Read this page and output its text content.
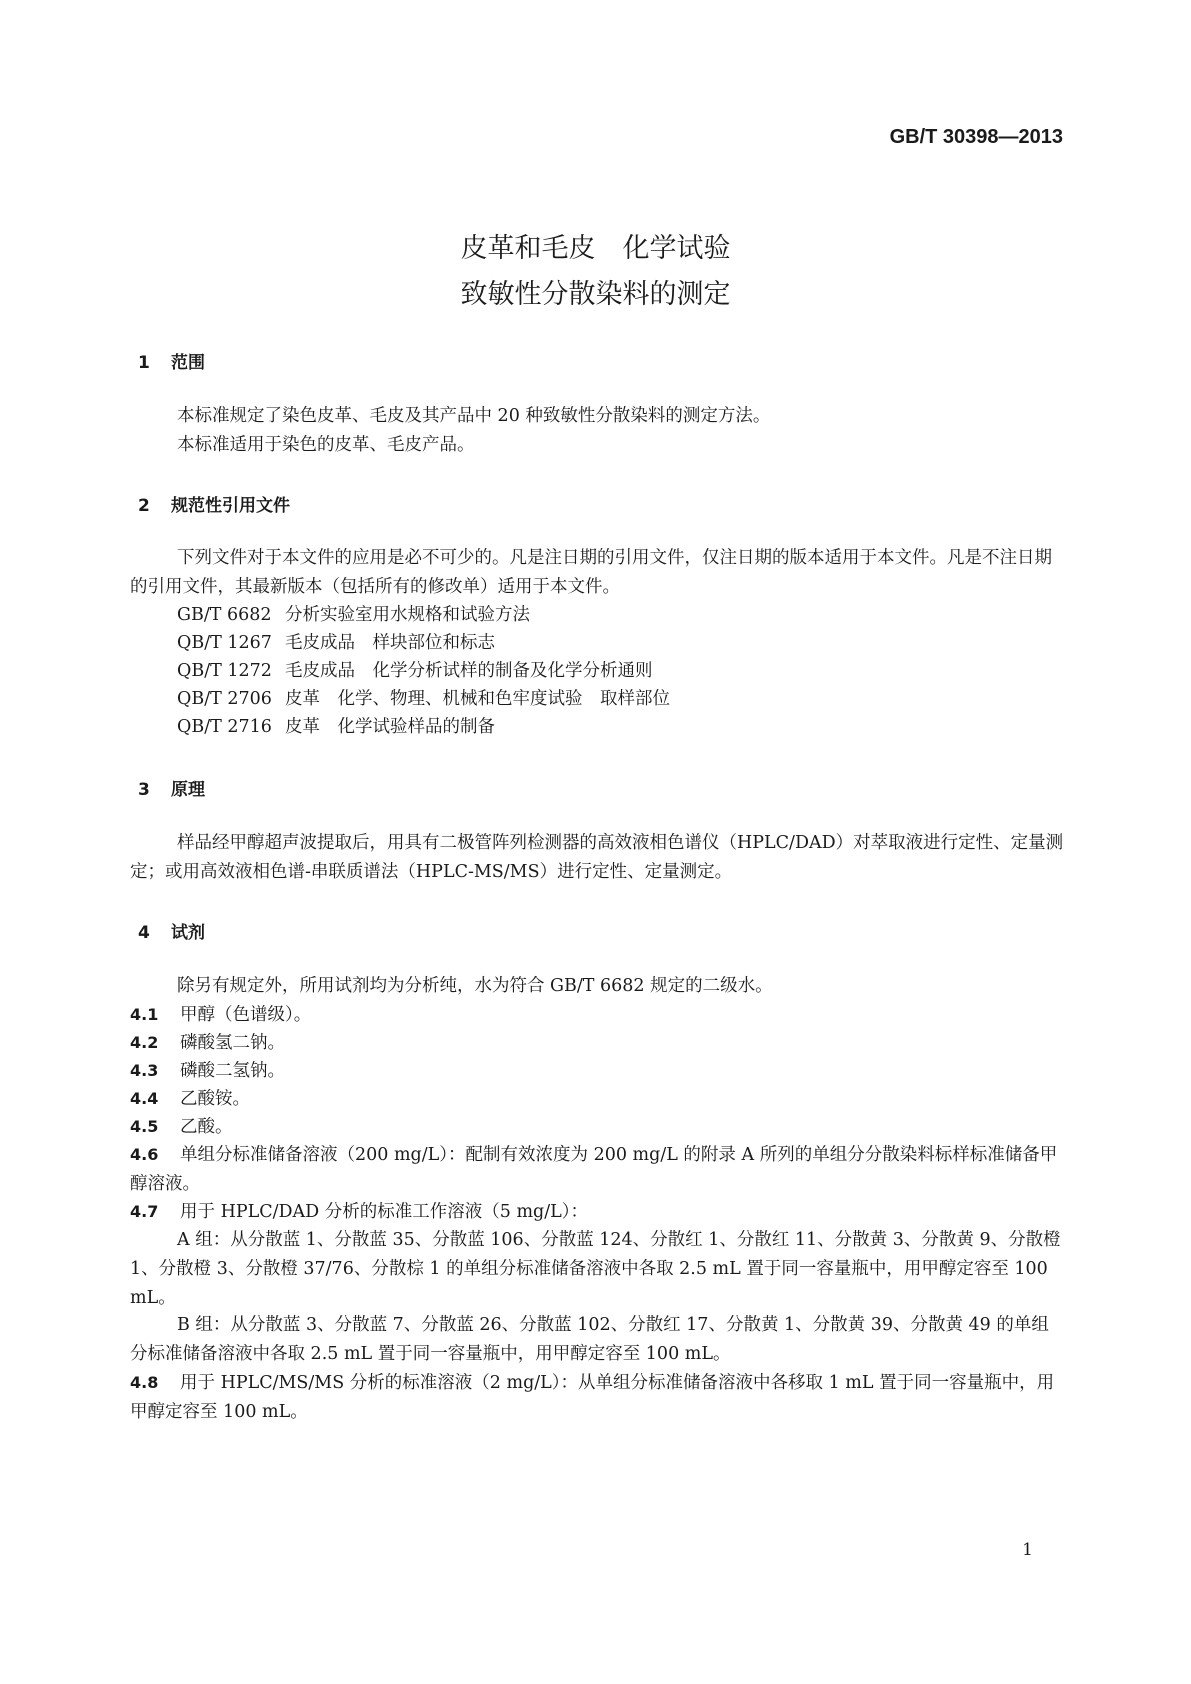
GB/T 30398—2013
皮革和毛皮　化学试验
致敏性分散染料的测定
1 范围
本标准规定了染色皮革、毛皮及其产品中 20 种致敏性分散染料的测定方法。
本标准适用于染色的皮革、毛皮产品。
2 规范性引用文件
下列文件对于本文件的应用是必不可少的。凡是注日期的引用文件，仅注日期的版本适用于本文件。凡是不注日期的引用文件，其最新版本（包括所有的修改单）适用于本文件。
GB/T 6682 分析实验室用水规格和试验方法
QB/T 1267 毛皮成品　样块部位和标志
QB/T 1272 毛皮成品　化学分析试样的制备及化学分析通则
QB/T 2706 皮革　化学、物理、机械和色牢度试验　取样部位
QB/T 2716 皮革　化学试验样品的制备
3 原理
样品经甲醇超声波提取后，用具有二极管阵列检测器的高效液相色谱仪（HPLC/DAD）对萃取液进行定性、定量测定；或用高效液相色谱-串联质谱法（HPLC-MS/MS）进行定性、定量测定。
4 试剂
除另有规定外，所用试剂均为分析纯，水为符合 GB/T 6682 规定的二级水。
4.1 甲醇（色谱级）。
4.2 磷酸氢二钠。
4.3 磷酸二氢钠。
4.4 乙酸铵。
4.5 乙酸。
4.6 单组分标准储备溶液（200 mg/L）：配制有效浓度为 200 mg/L 的附录 A 所列的单组分分散染料标样标准储备甲醇溶液。
4.7 用于 HPLC/DAD 分析的标准工作溶液（5 mg/L）：
A 组：从分散蓝 1、分散蓝 35、分散蓝 106、分散蓝 124、分散红 1、分散红 11、分散黄 3、分散黄 9、分散橙 1、分散橙 3、分散橙 37/76、分散棕 1 的单组分标准储备溶液中各取 2.5 mL 置于同一容量瓶中，用甲醇定容至 100 mL。
B 组：从分散蓝 3、分散蓝 7、分散蓝 26、分散蓝 102、分散红 17、分散黄 1、分散黄 39、分散黄 49 的单组分标准储备溶液中各取 2.5 mL 置于同一容量瓶中，用甲醇定容至 100 mL。
4.8 用于 HPLC/MS/MS 分析的标准溶液（2 mg/L）：从单组分标准储备溶液中各移取 1 mL 置于同一容量瓶中，用甲醇定容至 100 mL。
1
